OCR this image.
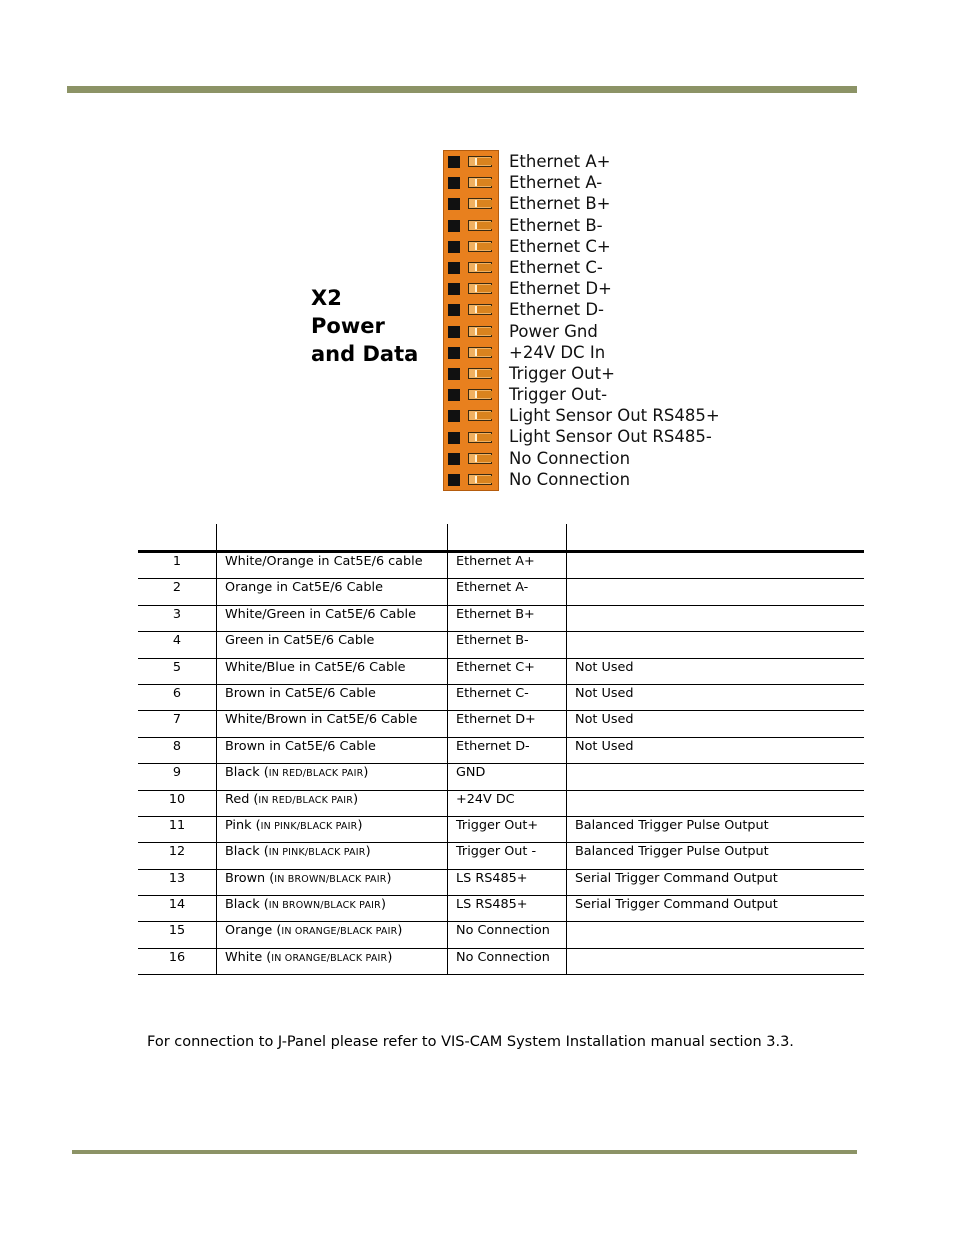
X2 Power
and Data
Ethernet A+
Ethernet A-
Ethernet B+
Ethernet B-
Ethernet C+
Ethernet C-
Ethernet D+
Ethernet D-
Power Gnd
+24V DC In
Trigger Out+
Trigger Out-
Light Sensor Out RS485+
Light Sensor Out RS485-
No Connection
No Connection

1	White/Orange in Cat5E/6 cable	Ethernet A+	
2	Orange in Cat5E/6 Cable	Ethernet A-	
3	White/Green in Cat5E/6 Cable	Ethernet B+	
4	Green in Cat5E/6 Cable	Ethernet B-	
5	White/Blue in Cat5E/6 Cable	Ethernet C+	Not Used
6	Brown in Cat5E/6 Cable	Ethernet C-	Not Used
7	White/Brown in Cat5E/6 Cable	Ethernet D+	Not Used
8	Brown in Cat5E/6 Cable	Ethernet D-	Not Used
9	Black (IN RED/BLACK PAIR)	GND	
10	Red (IN RED/BLACK PAIR)	+24V DC	
11	Pink (IN PINK/BLACK PAIR)	Trigger Out+	Balanced Trigger Pulse Output
12	Black (IN PINK/BLACK PAIR)	Trigger Out -	Balanced Trigger Pulse Output
13	Brown (IN BROWN/BLACK PAIR)	LS RS485+	Serial Trigger Command Output
14	Black (IN BROWN/BLACK PAIR)	LS RS485+	Serial Trigger Command Output
15	Orange (IN ORANGE/BLACK PAIR)	No Connection	
16	White (IN ORANGE/BLACK PAIR)	No Connection	
For connection to J-Panel please refer to VIS-CAM System Installation manual section 3.3.
